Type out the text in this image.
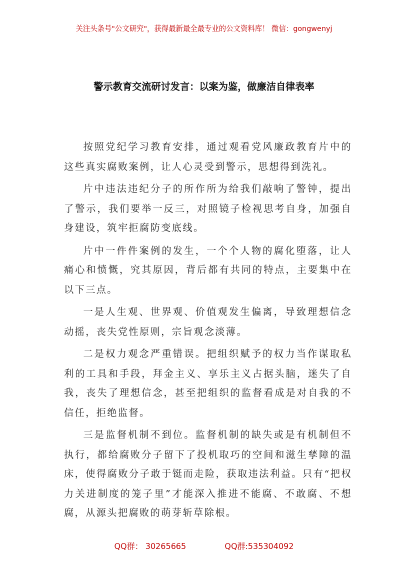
关注头条号"公文研究"，获得最新最全最专业的公文资料库！ 微信：gongwenyj
警示教育交流研讨发言：以案为鉴，做廉洁自律表率

按照党纪学习教育安排，通过观看党风廉政教育片中的这些真实腐败案例，让人心灵受到警示，思想得到洗礼。

片中违法违纪分子的所作所为给我们敲响了警钟，提出了警示，我们要举一反三，对照镜子检视思考自身，加强自身建设，筑牢拒腐防变底线。

片中一件件案例的发生，一个个人物的腐化堕落，让人痛心和愤慨，究其原因，背后都有共同的特点，主要集中在以下三点。

一是人生观、世界观、价值观发生偏离，导致理想信念动摇，丧失党性原则，宗旨观念淡薄。

二是权力观念严重错误。把组织赋予的权力当作谋取私利的工具和手段，拜金主义、享乐主义占据头脑，迷失了自我，丧失了理想信念，甚至把组织的监督看成是对自我的不信任，拒绝监督。

三是监督机制不到位。监督机制的缺失或是有机制但不执行，都给腐败分子留下了投机取巧的空间和滋生孳障的温床，使得腐败分子敢于铤而走险，获取违法利益。只有“把权力关进制度的笼子里”才能深入推进不能腐、不敢腐、不想腐，从源头把腐败的萌芽斩草除根。

QQ群： 30265665	QQ群:535304092
